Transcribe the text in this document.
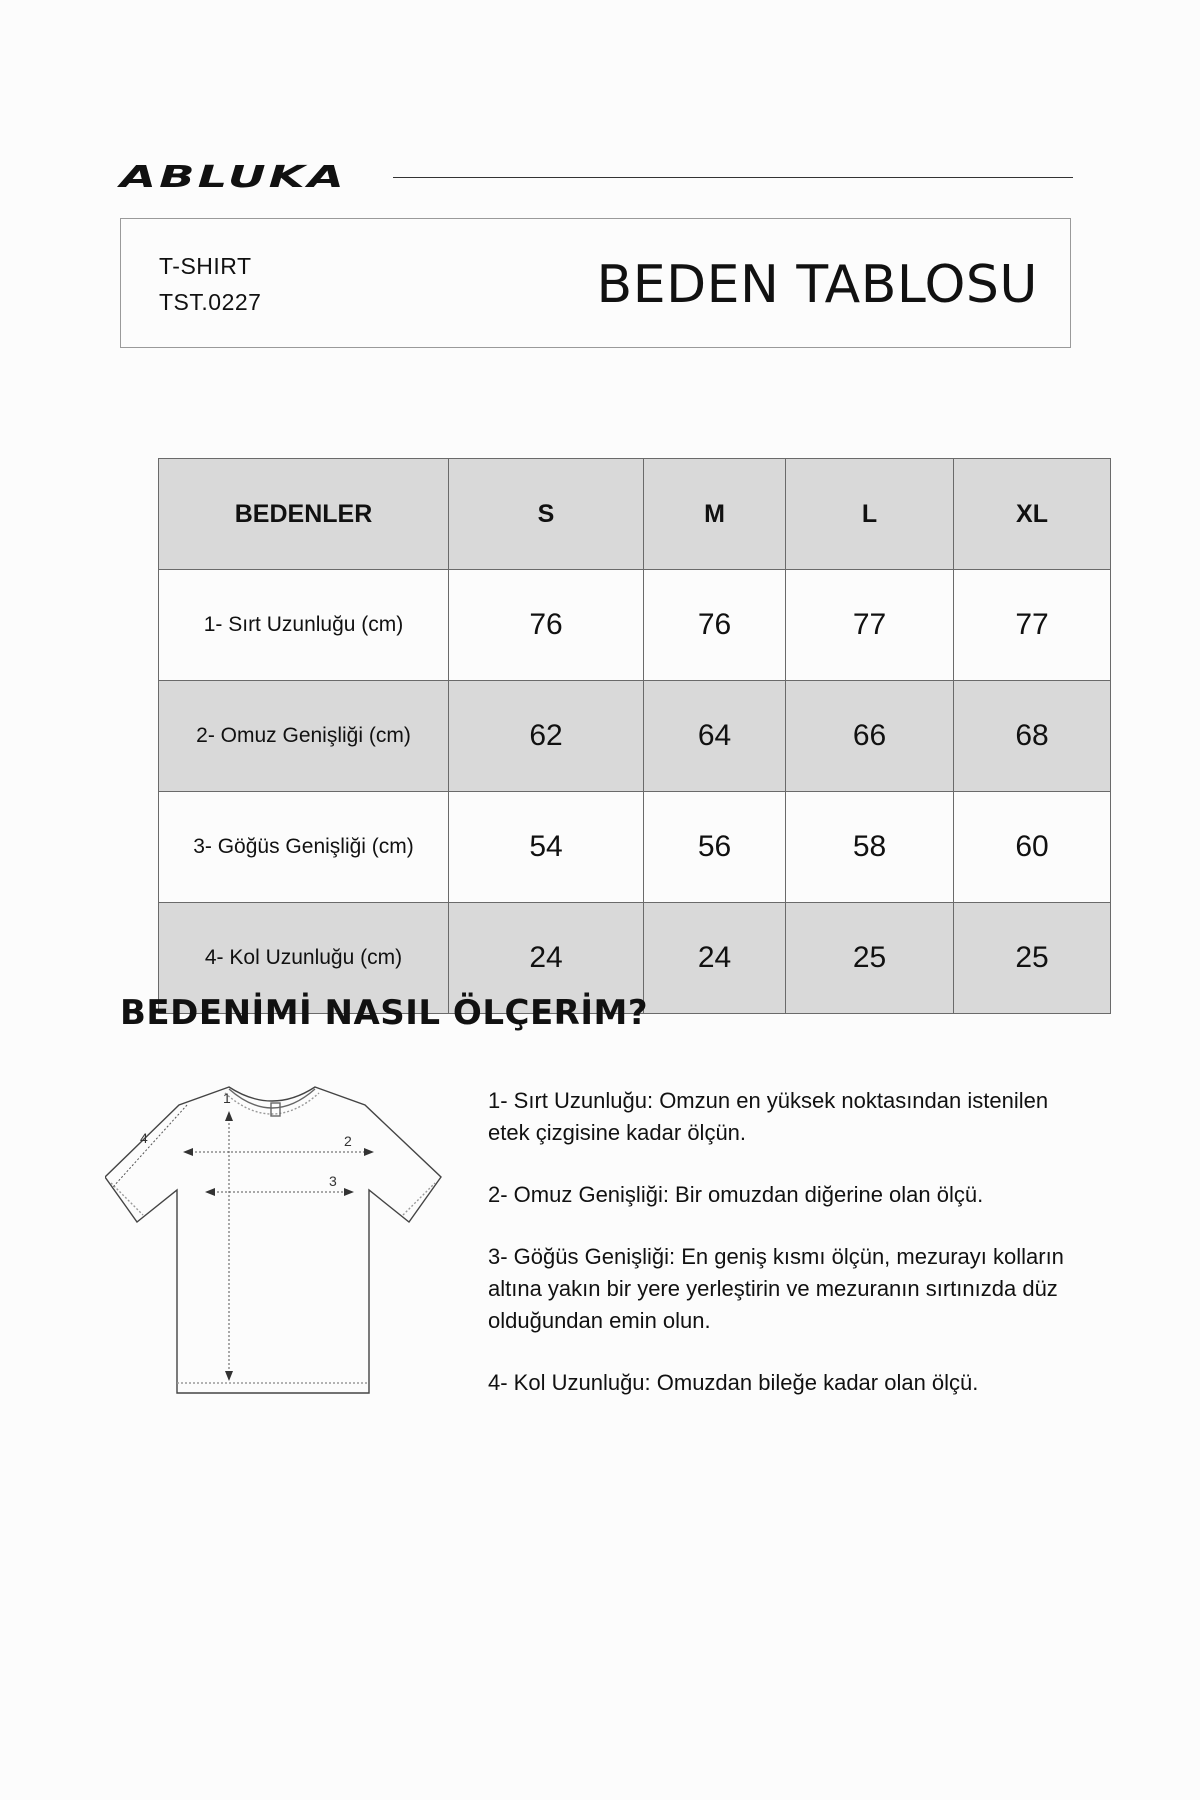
ABLUKA
T-SHIRT
TST.0227	BEDEN TABLOSU
BEDENLER	S	M	L	XL
1- Sırt Uzunluğu (cm)	76	76	77	77
2- Omuz Genişliği (cm)	62	64	66	68
3- Göğüs Genişliği (cm)	54	56	58	60
4- Kol Uzunluğu (cm)	24	24	25	25
BEDENİMİ NASIL ÖLÇERİM?
1
2
3
4

1- Sırt Uzunluğu: Omzun en yüksek noktasından istenilen etek çizgisine kadar ölçün.

2- Omuz Genişliği: Bir omuzdan diğerine olan ölçü.

3- Göğüs Genişliği: En geniş kısmı ölçün, mezurayı kolların altına yakın bir yere yerleştirin ve mezuranın sırtınızda düz olduğundan emin olun.

4- Kol Uzunluğu: Omuzdan bileğe kadar olan ölçü.
